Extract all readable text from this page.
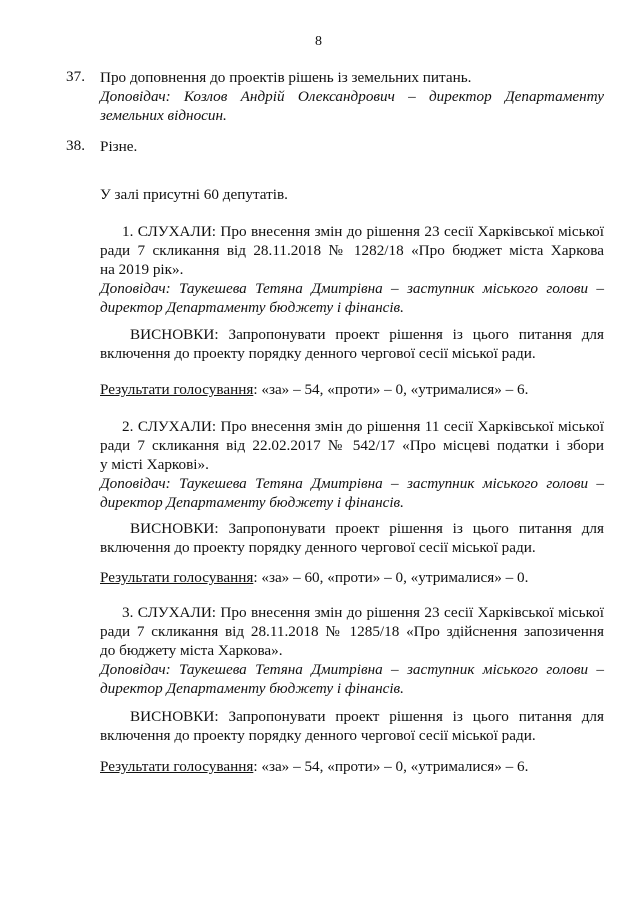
8
37. Про доповнення до проектів рішень із земельних питань.
Доповідач: Козлов Андрій Олександрович – директор Департаменту
земельних відносин.
38. Різне.
У залі присутні 60 депутатів.
1. СЛУХАЛИ: Про внесення змін до рішення 23 сесії Харківської міської
ради 7 скликання від 28.11.2018 № 1282/18 «Про бюджет міста Харкова
на 2019 рік».
Доповідач: Таукешева Тетяна Дмитрівна – заступник міського голови –
директор Департаменту бюджету і фінансів.
ВИСНОВКИ: Запропонувати проект рішення із цього питання для
включення до проекту порядку денного чергової сесії міської ради.
Результати голосування: «за» – 54, «проти» – 0, «утрималися» – 6.
2. СЛУХАЛИ: Про внесення змін до рішення 11 сесії Харківської міської
ради 7 скликання від 22.02.2017 № 542/17 «Про місцеві податки і збори
у місті Харкові».
Доповідач: Таукешева Тетяна Дмитрівна – заступник міського голови –
директор Департаменту бюджету і фінансів.
ВИСНОВКИ: Запропонувати проект рішення із цього питання для
включення до проекту порядку денного чергової сесії міської ради.
Результати голосування: «за» – 60, «проти» – 0, «утрималися» – 0.
3. СЛУХАЛИ: Про внесення змін до рішення 23 сесії Харківської міської
ради 7 скликання від 28.11.2018 № 1285/18 «Про здійснення запозичення
до бюджету міста Харкова».
Доповідач: Таукешева Тетяна Дмитрівна – заступник міського голови –
директор Департаменту бюджету і фінансів.
ВИСНОВКИ: Запропонувати проект рішення із цього питання для
включення до проекту порядку денного чергової сесії міської ради.
Результати голосування: «за» – 54, «проти» – 0, «утрималися» – 6.
